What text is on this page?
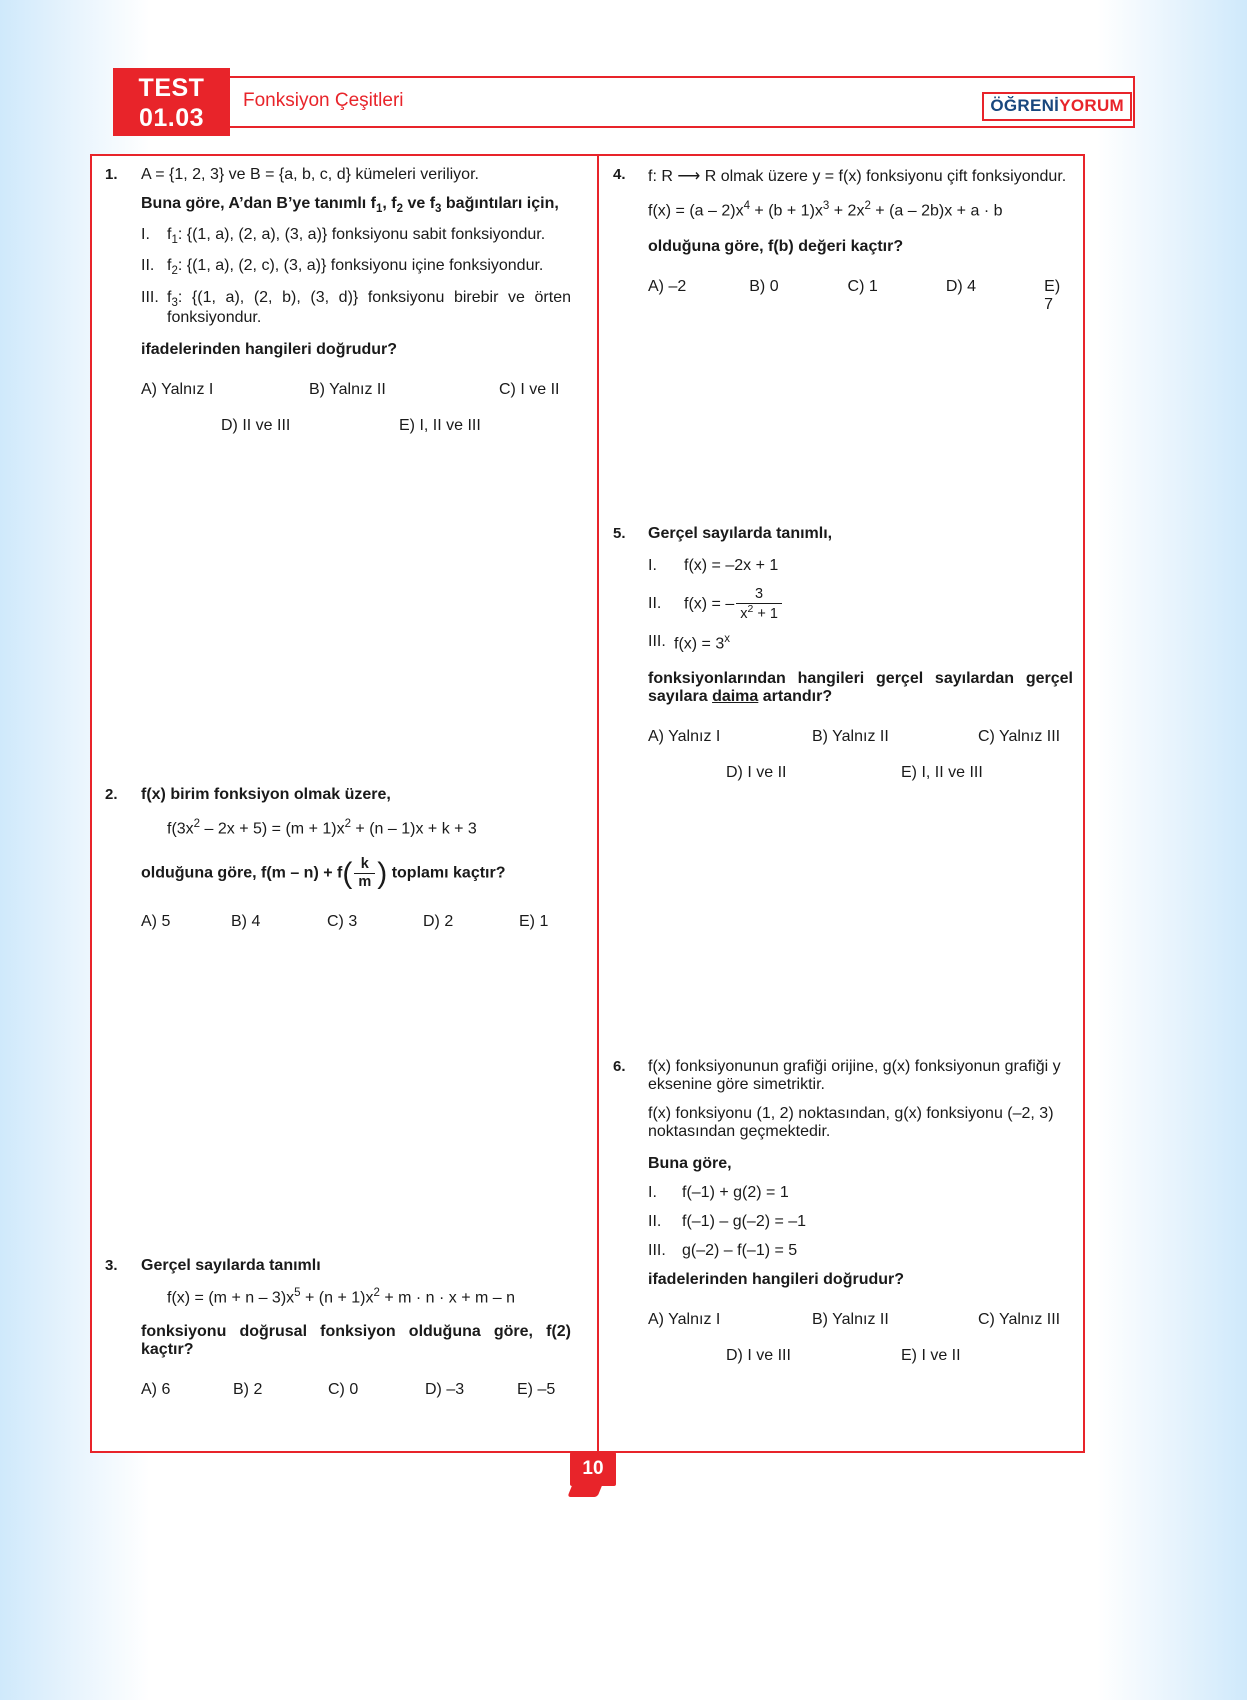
TEST
01.03
Fonksiyon Çeşitleri	ÖĞRENİYORUM
1. A = {1, 2, 3} ve B = {a, b, c, d} kümeleri veriliyor.
Buna göre, A’dan B’ye tanımlı $f_1$, $f_2$ ve $f_3$ bağıntıları için,
I.	$f_1$: {(1, a), (2, a), (3, a)} fonksiyonu sabit fonksiyondur.
II. $f_2$: {(1, a), (2, c), (3, a)} fonksiyonu içine fonksiyondur.
III. $f_3$: {(1, a), (2, b), (3, d)} fonksiyonu birebir ve örten fonksiyondur.
ifadelerinden hangileri doğrudur?
A) Yalnız I	B) Yalnız II	C) I ve II
D) II ve III	E) I, II ve III
2. f(x) birim fonksiyon olmak üzere,
$f(3x^2 - 2x + 5) = (m + 1)x^2 + (n - 1)x + k + 3$
olduğuna göre, $f(m - n) + f( \frac{k}{m}$ ) toplamı kaçtır?
A) 5	B) 4	C) 3	D) 2	E) 1
3. Gerçel sayılarda tanımlı
$f(x) = (m + n - 3)x^5 + (n + 1)x^2 + m \cdot n \cdot x + m - n$
fonksiyonu doğrusal fonksiyon olduğuna göre, f(2) kaçtır?
A) 6	B) 2	C) 0	D) –3	E) –5
4. f: R ⟶ R olmak üzere y = f(x) fonksiyonu çift fonksiyondur.
$f(x) = (a - 2)x^4 + (b + 1)x^3 + 2x^2 + (a - 2b)x + a \cdot b$
olduğuna göre, f(b) değeri kaçtır?
A) –2	B) 0	C) 1	D) 4	E) 7
5. Gerçel sayılarda tanımlı,
I.	f(x) = –2x + 1
II.	f(x) = – $\frac{3}{x^2 + 1}$
III. $f(x) = 3^x$
fonksiyonlarından hangileri gerçel sayılardan gerçel sayılara daima artandır?
A) Yalnız I	B) Yalnız II	C) Yalnız III
D) I ve II	E) I, II ve III
6. f(x) fonksiyonunun grafiği orijine, g(x) fonksiyonun grafiği y eksenine göre simetriktir.
f(x) fonksiyonu (1, 2) noktasından, g(x) fonksiyonu (–2, 3) noktasından geçmektedir.
Buna göre,
I.	f(–1) + g(2) = 1
II.	f(–1) – g(–2) = –1
III.	g(–2) – f(–1) = 5
ifadelerinden hangileri doğrudur?
A) Yalnız I	B) Yalnız II	C) Yalnız III
D) I ve III	E) I ve II
10
